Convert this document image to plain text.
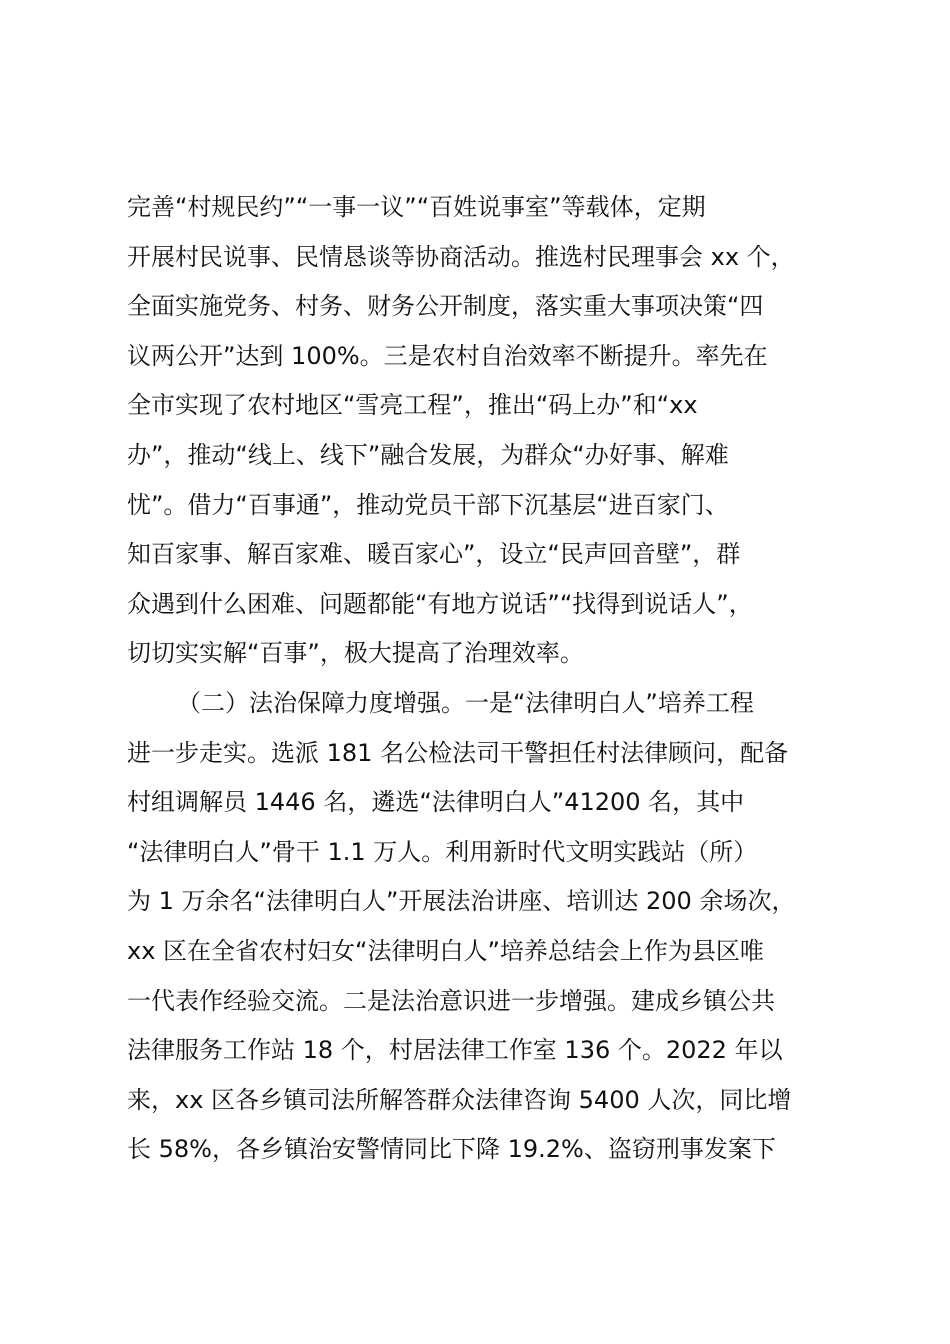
完善“村规民约”“一事一议”“百姓说事室”等载体，定期
开展村民说事、民情恳谈等协商活动。推选村民理事会 xx 个，
全面实施党务、村务、财务公开制度，落实重大事项决策“四
议两公开”达到 100%。三是农村自治效率不断提升。率先在
全市实现了农村地区“雪亮工程”，推出“码上办”和“xx
办”，推动“线上、线下”融合发展，为群众“办好事、解难
忧”。借力“百事通”，推动党员干部下沉基层“进百家门、
知百家事、解百家难、暖百家心”，设立“民声回音壁”，群
众遇到什么困难、问题都能“有地方说话”“找得到说话人”，
切切实实解“百事”，极大提高了治理效率。
（二）法治保障力度增强。一是“法律明白人”培养工程
进一步走实。选派 181 名公检法司干警担任村法律顾问，配备
村组调解员 1446 名，遴选“法律明白人”41200 名，其中
“法律明白人”骨干 1.1 万人。利用新时代文明实践站（所）
为 1 万余名“法律明白人”开展法治讲座、培训达 200 余场次，
xx 区在全省农村妇女“法律明白人”培养总结会上作为县区唯
一代表作经验交流。二是法治意识进一步增强。建成乡镇公共
法律服务工作站 18 个，村居法律工作室 136 个。2022 年以
来，xx 区各乡镇司法所解答群众法律咨询 5400 人次，同比增
长 58%，各乡镇治安警情同比下降 19.2%、盗窃刑事发案下
